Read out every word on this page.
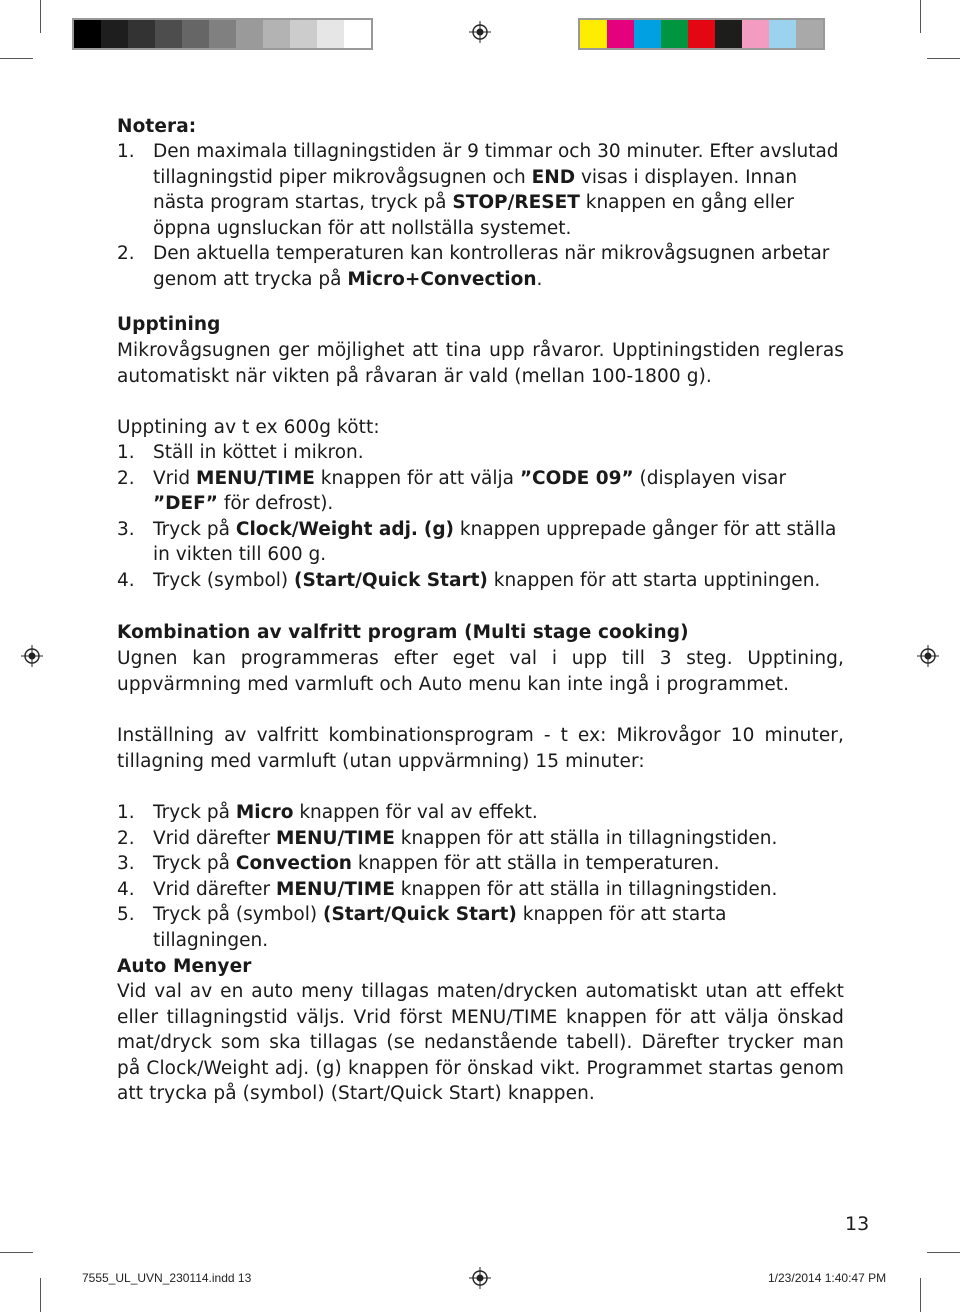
Notera:
1. Den maximala tillagningstiden är 9 timmar och 30 minuter. Efter avslutad tillagningstid piper mikrovågsugnen och END visas i displayen. Innan nästa program startas, tryck på STOP/RESET knappen en gång eller öppna ugnsluckan för att nollställa systemet.
2. Den aktuella temperaturen kan kontrolleras när mikrovågsugnen arbetar genom att trycka på Micro+Convection.
Upptining
Mikrovågsugnen ger möjlighet att tina upp råvaror. Upptiningstiden regleras automatiskt när vikten på råvaran är vald (mellan 100-1800 g).
Upptining av t ex 600g kött:
1. Ställ in köttet i mikron.
2. Vrid MENU/TIME knappen för att välja ”CODE 09” (displayen visar ”DEF” för defrost).
3. Tryck på Clock/Weight adj. (g) knappen upprepade gånger för att ställa in vikten till 600 g.
4. Tryck (symbol) (Start/Quick Start) knappen för att starta upptiningen.
Kombination av valfritt program (Multi stage cooking)
Ugnen kan programmeras efter eget val i upp till 3 steg. Upptining, uppvärmning med varmluft och Auto menu kan inte ingå i programmet.
Inställning av valfritt kombinationsprogram - t ex: Mikrovågor 10 minuter, tillagning med varmluft (utan uppvärmning) 15 minuter:
1. Tryck på Micro knappen för val av effekt.
2. Vrid därefter MENU/TIME knappen för att ställa in tillagningstiden.
3. Tryck på Convection knappen för att ställa in temperaturen.
4. Vrid därefter MENU/TIME knappen för att ställa in tillagningstiden.
5. Tryck på (symbol) (Start/Quick Start) knappen för att starta tillagningen.
Auto Menyer
Vid val av en auto meny tillagas maten/drycken automatiskt utan att effekt eller tillagningstid väljs. Vrid först MENU/TIME knappen för att välja önskad mat/dryck som ska tillagas (se nedanstående tabell). Därefter trycker man på Clock/Weight adj. (g) knappen för önskad vikt. Programmet startas genom att trycka på (symbol) (Start/Quick Start) knappen.
13
7555_UL_UVN_230114.indd 13	1/23/2014 1:40:47 PM
